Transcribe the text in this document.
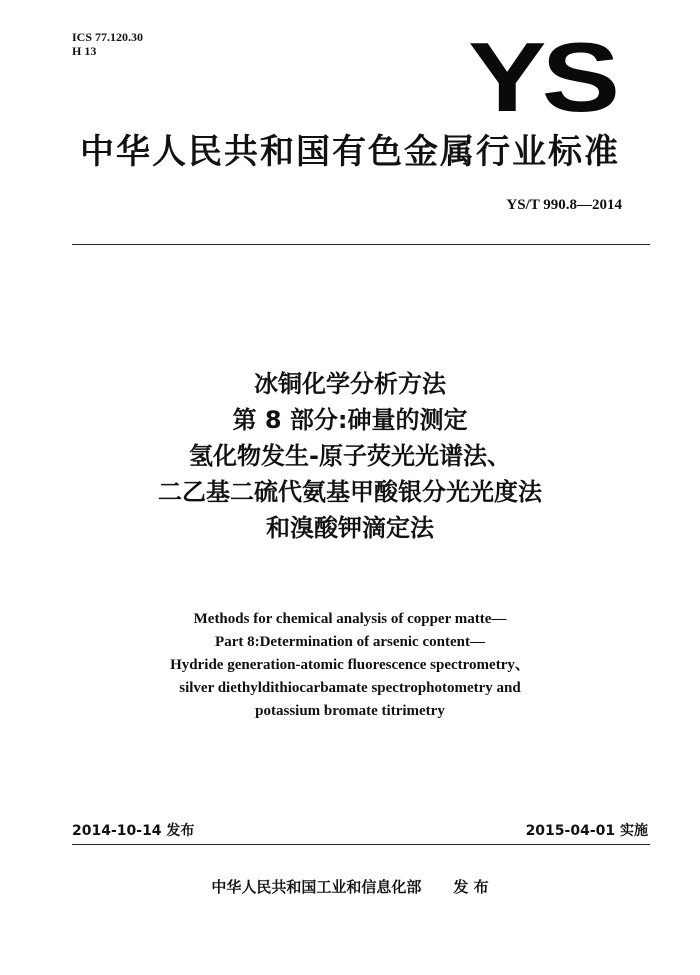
ICS 77.120.30
H 13	YS
中华人民共和国有色金属行业标准
YS/T 990.8—2014
冰铜化学分析方法
第 8 部分:砷量的测定
氢化物发生-原子荧光光谱法、
二乙基二硫代氨基甲酸银分光光度法
和溴酸钾滴定法
Methods for chemical analysis of copper matte—
Part 8:Determination of arsenic content—
Hydride generation-atomic fluorescence spectrometry、
silver diethyldithiocarbamate spectrophotometry and
potassium bromate titrimetry
2014-10-14 发布	2015-04-01 实施
中华人民共和国工业和信息化部 发 布
